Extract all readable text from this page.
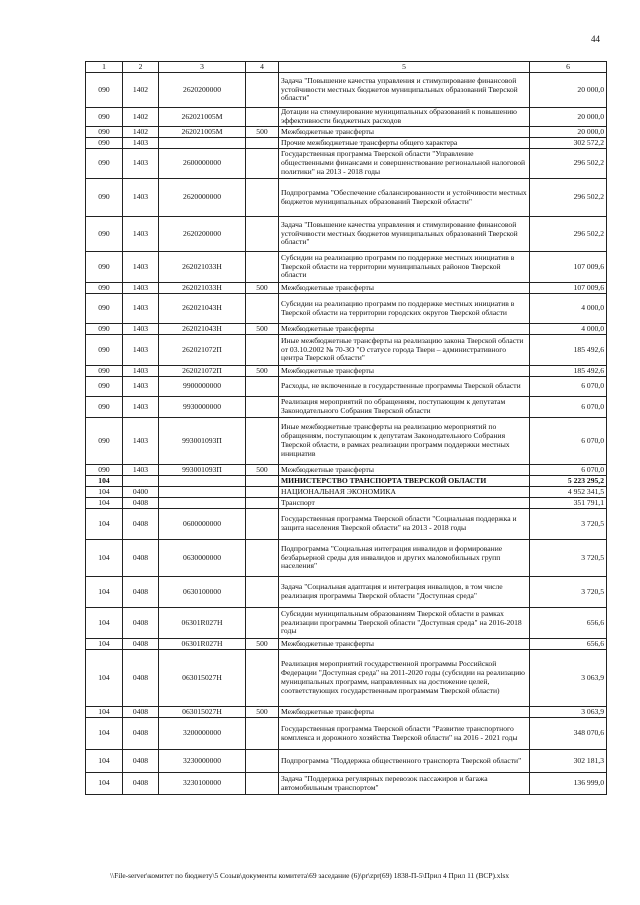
44
1	2	3	4	5	6
090	1402	2620200000		Задача "Повышение качества управления и стимулирование финансовой устойчивости местных бюджетов муниципальных образований Тверской области"	20 000,0
090	1402	262021005М		Дотации на стимулирование муниципальных образований к повышению эффективности бюджетных расходов	20 000,0
090	1402	262021005М	500	Межбюджетные трансферты	20 000,0
090	1403			Прочие межбюджетные трансферты общего характера	302 572,2
090	1403	2600000000		Государственная программа Тверской области "Управление общественными финансами и совершенствование региональной налоговой политики" на 2013 - 2018 годы	296 502,2
090	1403	2620000000		Подпрограмма "Обеспечение сбалансированности и устойчивости местных бюджетов муниципальных образований Тверской области"	296 502,2
090	1403	2620200000		Задача "Повышение качества управления и стимулирование финансовой устойчивости местных бюджетов муниципальных образований Тверской области"	296 502,2
090	1403	262021033Н		Субсидии на реализацию программ по поддержке местных инициатив в Тверской области на территории муниципальных районов Тверской области	107 009,6
090	1403	262021033Н	500	Межбюджетные трансферты	107 009,6
090	1403	262021043Н		Субсидии на реализацию программ по поддержке местных инициатив в Тверской области на территории городских округов Тверской области	4 000,0
090	1403	262021043Н	500	Межбюджетные трансферты	4 000,0
090	1403	262021072П		Иные межбюджетные трансферты на реализацию закона Тверской области от 03.10.2002 № 70-ЗО "О статусе города Твери – административного центра Тверской области"	185 492,6
090	1403	262021072П	500	Межбюджетные трансферты	185 492,6
090	1403	9900000000		Расходы, не включенные в государственные программы Тверской области	6 070,0
090	1403	9930000000		Реализация мероприятий по обращениям, поступающим к депутатам Законодательного Собрания Тверской области	6 070,0
090	1403	993001093П		Иные межбюджетные трансферты на реализацию мероприятий по обращениям, поступающим к депутатам Законодательного Собрания Тверской области, в рамках реализации программ поддержки местных инициатив	6 070,0
090	1403	993001093П	500	Межбюджетные трансферты	6 070,0
104				МИНИСТЕРСТВО ТРАНСПОРТА ТВЕРСКОЙ ОБЛАСТИ	5 223 295,2
104	0400			НАЦИОНАЛЬНАЯ ЭКОНОМИКА	4 952 341,5
104	0408			Транспорт	351 791,1
104	0408	0600000000		Государственная программа Тверской области "Социальная поддержка и защита населения Тверской области" на 2013 - 2018 годы	3 720,5
104	0408	0630000000		Подпрограмма "Социальная интеграция инвалидов и формирование безбарьерной среды для инвалидов и других маломобильных групп населения"	3 720,5
104	0408	0630100000		Задача "Социальная адаптация и интеграция инвалидов, в том числе реализация программы Тверской области "Доступная среда"	3 720,5
104	0408	06301R027Н		Субсидии муниципальным образованиям Тверской области в рамках реализации программы Тверской области "Доступная среда" на 2016-2018 годы	656,6
104	0408	06301R027Н	500	Межбюджетные трансферты	656,6
104	0408	063015027Н		Реализация мероприятий государственной программы Российской Федерации "Доступная среда" на 2011-2020 годы (субсидии на реализацию муниципальных программ, направленных на достижение целей, соответствующих государственным программам Тверской области)	3 063,9
104	0408	063015027Н	500	Межбюджетные трансферты	3 063,9
104	0408	3200000000		Государственная программа Тверской области "Развитие транспортного комплекса и дорожного хозяйства Тверской области" на 2016 - 2021 годы	348 070,6
104	0408	3230000000		Подпрограмма "Поддержка общественного транспорта Тверской области"	302 181,3
104	0408	3230100000		Задача "Поддержка регулярных перевозок пассажиров и багажа автомобильным транспортом"	136 999,0
\\File-server\комитет по бюджету\5 Созыв\документы комитета\69 заседание (6)\pr\zpr(69) 1838-П-5\Прил 4 Прил 11 (ВСР).xlsx
